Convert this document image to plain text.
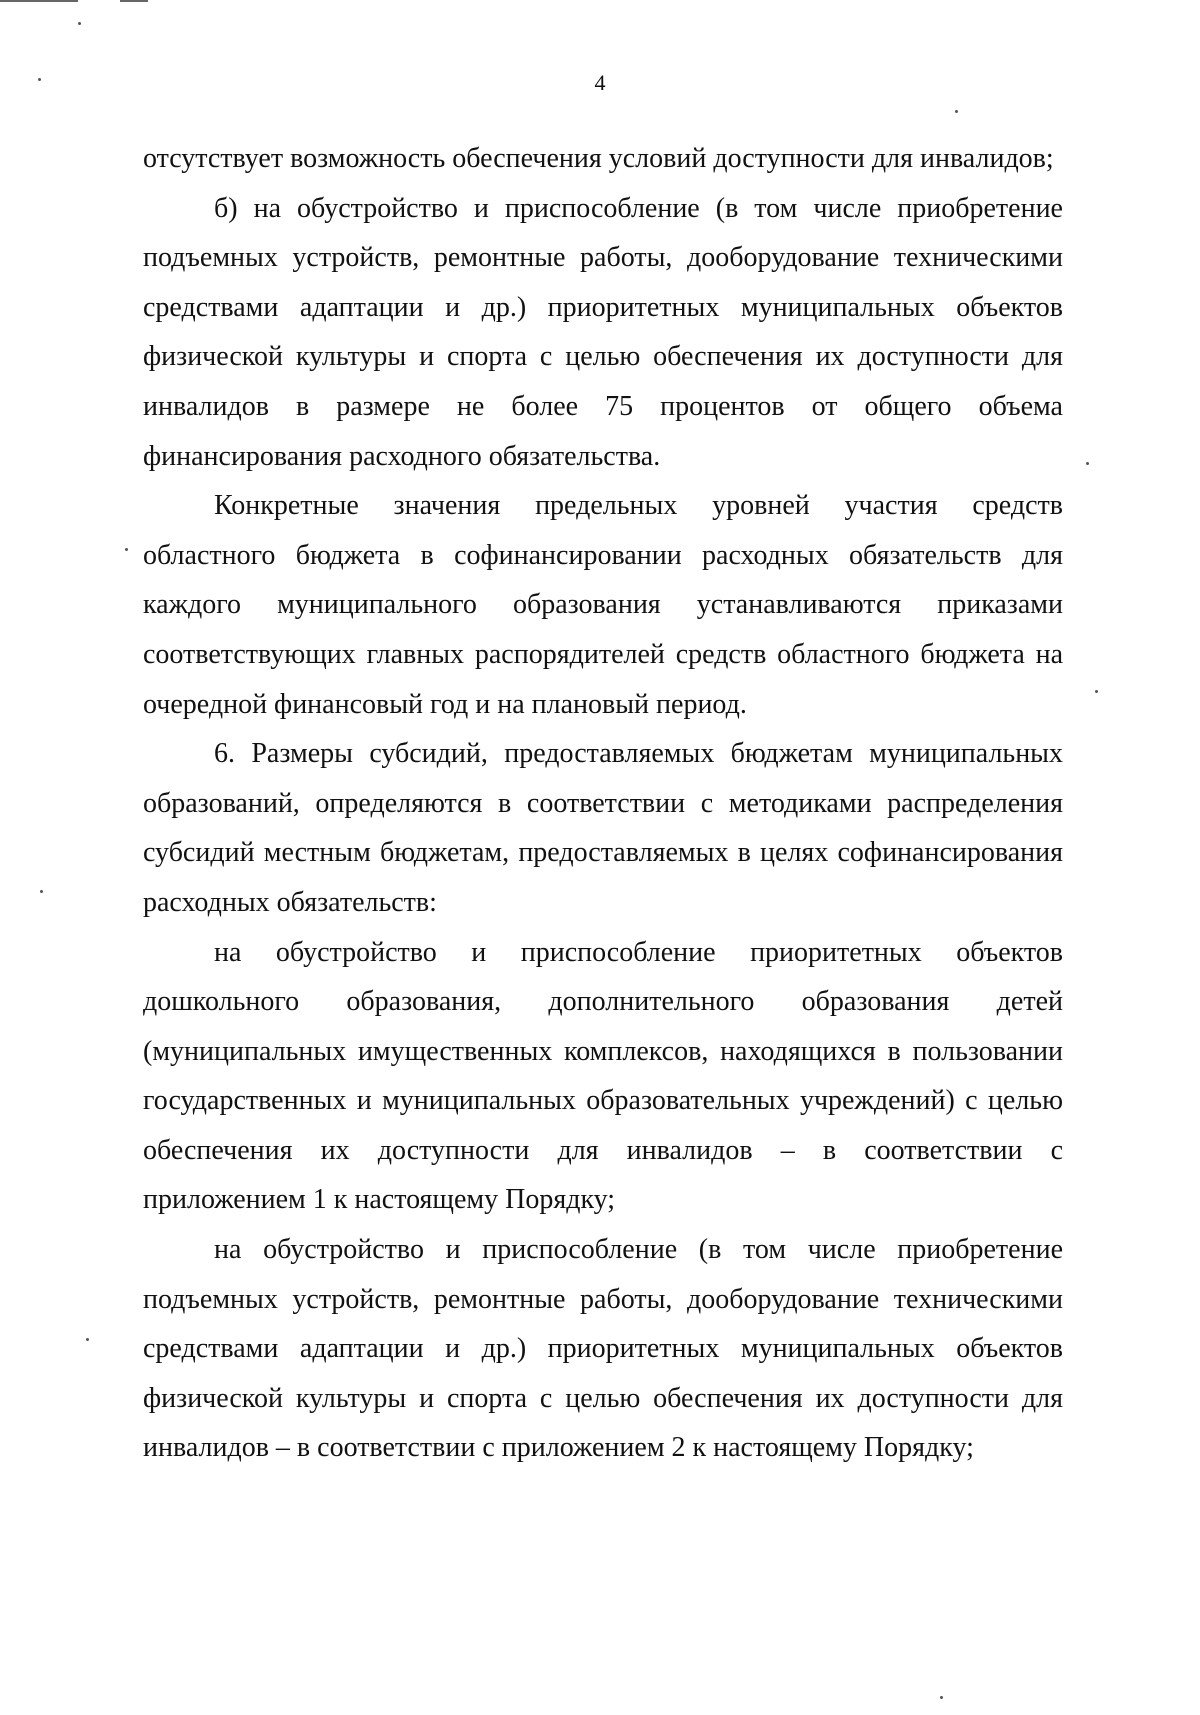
4

отсутствует возможность обеспечения условий доступности для инвалидов;

б) на обустройство и приспособление (в том числе приобретение подъемных устройств, ремонтные работы, дооборудование техническими средствами адаптации и др.) приоритетных муниципальных объектов физической культуры и спорта с целью обеспечения их доступности для инвалидов в размере не более 75 процентов от общего объема финансирования расходного обязательства.

Конкретные значения предельных уровней участия средств областного бюджета в софинансировании расходных обязательств для каждого муниципального образования устанавливаются приказами соответствующих главных распорядителей средств областного бюджета на очередной финансовый год и на плановый период.

6. Размеры субсидий, предоставляемых бюджетам муниципальных образований, определяются в соответствии с методиками распределения субсидий местным бюджетам, предоставляемых в целях софинансирования расходных обязательств:

на обустройство и приспособление приоритетных объектов дошкольного образования, дополнительного образования детей (муниципальных имущественных комплексов, находящихся в пользовании государственных и муниципальных образовательных учреждений) с целью обеспечения их доступности для инвалидов – в соответствии с приложением 1 к настоящему Порядку;

на обустройство и приспособление (в том числе приобретение подъемных устройств, ремонтные работы, дооборудование техническими средствами адаптации и др.) приоритетных муниципальных объектов физической культуры и спорта с целью обеспечения их доступности для инвалидов – в соответствии с приложением 2 к настоящему Порядку;
